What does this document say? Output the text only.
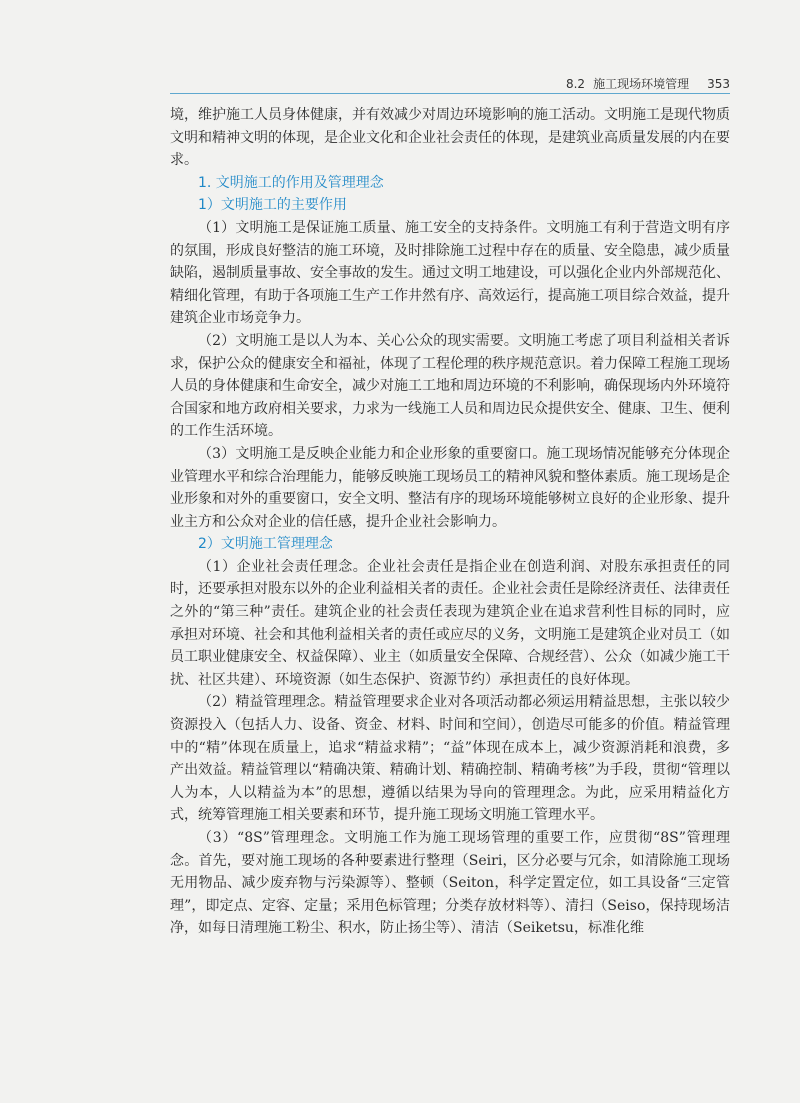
8.2 施工现场环境管理 353

境，维护施工人员身体健康，并有效减少对周边环境影响的施工活动。文明施工是现代物质文明和精神文明的体现，是企业文化和企业社会责任的体现，是建筑业高质量发展的内在要求。

1. 文明施工的作用及管理理念

1）文明施工的主要作用

（1）文明施工是保证施工质量、施工安全的支持条件。文明施工有利于营造文明有序的氛围，形成良好整洁的施工环境，及时排除施工过程中存在的质量、安全隐患，减少质量缺陷，遏制质量事故、安全事故的发生。通过文明工地建设，可以强化企业内外部规范化、精细化管理，有助于各项施工生产工作井然有序、高效运行，提高施工项目综合效益，提升建筑企业市场竞争力。

（2）文明施工是以人为本、关心公众的现实需要。文明施工考虑了项目利益相关者诉求，保护公众的健康安全和福祉，体现了工程伦理的秩序规范意识。着力保障工程施工现场人员的身体健康和生命安全，减少对施工工地和周边环境的不利影响，确保现场内外环境符合国家和地方政府相关要求，力求为一线施工人员和周边民众提供安全、健康、卫生、便利的工作生活环境。

（3）文明施工是反映企业能力和企业形象的重要窗口。施工现场情况能够充分体现企业管理水平和综合治理能力，能够反映施工现场员工的精神风貌和整体素质。施工现场是企业形象和对外的重要窗口，安全文明、整洁有序的现场环境能够树立良好的企业形象、提升业主方和公众对企业的信任感，提升企业社会影响力。

2）文明施工管理理念

（1）企业社会责任理念。企业社会责任是指企业在创造利润、对股东承担责任的同时，还要承担对股东以外的企业利益相关者的责任。企业社会责任是除经济责任、法律责任之外的“第三种”责任。建筑企业的社会责任表现为建筑企业在追求营利性目标的同时，应承担对环境、社会和其他利益相关者的责任或应尽的义务，文明施工是建筑企业对员工（如员工职业健康安全、权益保障）、业主（如质量安全保障、合规经营）、公众（如减少施工干扰、社区共建）、环境资源（如生态保护、资源节约）承担责任的良好体现。

（2）精益管理理念。精益管理要求企业对各项活动都必须运用精益思想，主张以较少资源投入（包括人力、设备、资金、材料、时间和空间），创造尽可能多的价值。精益管理中的“精”体现在质量上，追求“精益求精”；“益”体现在成本上，减少资源消耗和浪费，多产出效益。精益管理以“精确决策、精确计划、精确控制、精确考核”为手段，贯彻“管理以人为本，人以精益为本”的思想，遵循以结果为导向的管理理念。为此，应采用精益化方式，统筹管理施工相关要素和环节，提升施工现场文明施工管理水平。

（3）“8S”管理理念。文明施工作为施工现场管理的重要工作，应贯彻“8S”管理理念。首先，要对施工现场的各种要素进行整理（Seiri，区分必要与冗余，如清除施工现场无用物品、减少废弃物与污染源等）、整顿（Seiton，科学定置定位，如工具设备“三定管理”，即定点、定容、定量；采用色标管理；分类存放材料等）、清扫（Seiso，保持现场洁净，如每日清理施工粉尘、积水，防止扬尘等）、清洁（Seiketsu，标准化维
